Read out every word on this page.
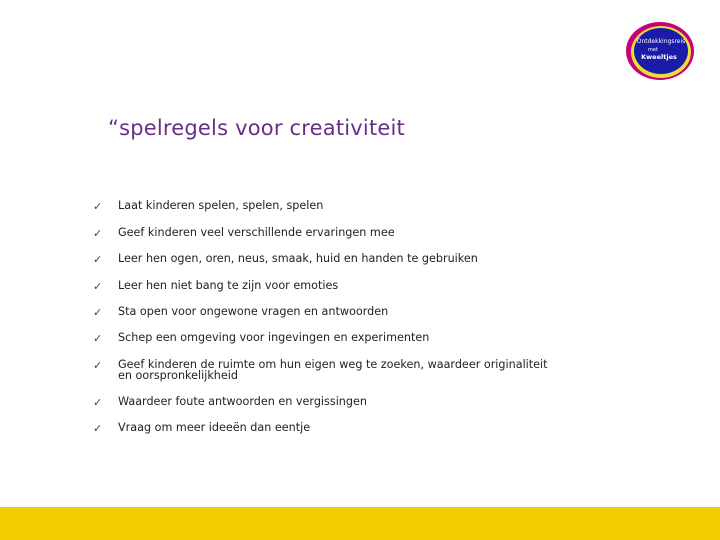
Ontdekkingsreis
met
Kweeltjes
“spelregels voor creativiteit
✓ Laat kinderen spelen, spelen, spelen
✓ Geef kinderen veel verschillende ervaringen mee
✓ Leer hen ogen, oren, neus, smaak, huid en handen te gebruiken
✓ Leer hen niet bang te zijn voor emoties
✓ Sta open voor ongewone vragen en antwoorden
✓ Schep een omgeving voor ingevingen en experimenten
✓ Geef kinderen de ruimte om hun eigen weg te zoeken, waardeer originaliteit en oorspronkelijkheid
✓ Waardeer foute antwoorden en vergissingen
✓ Vraag om meer ideeën dan eentje
